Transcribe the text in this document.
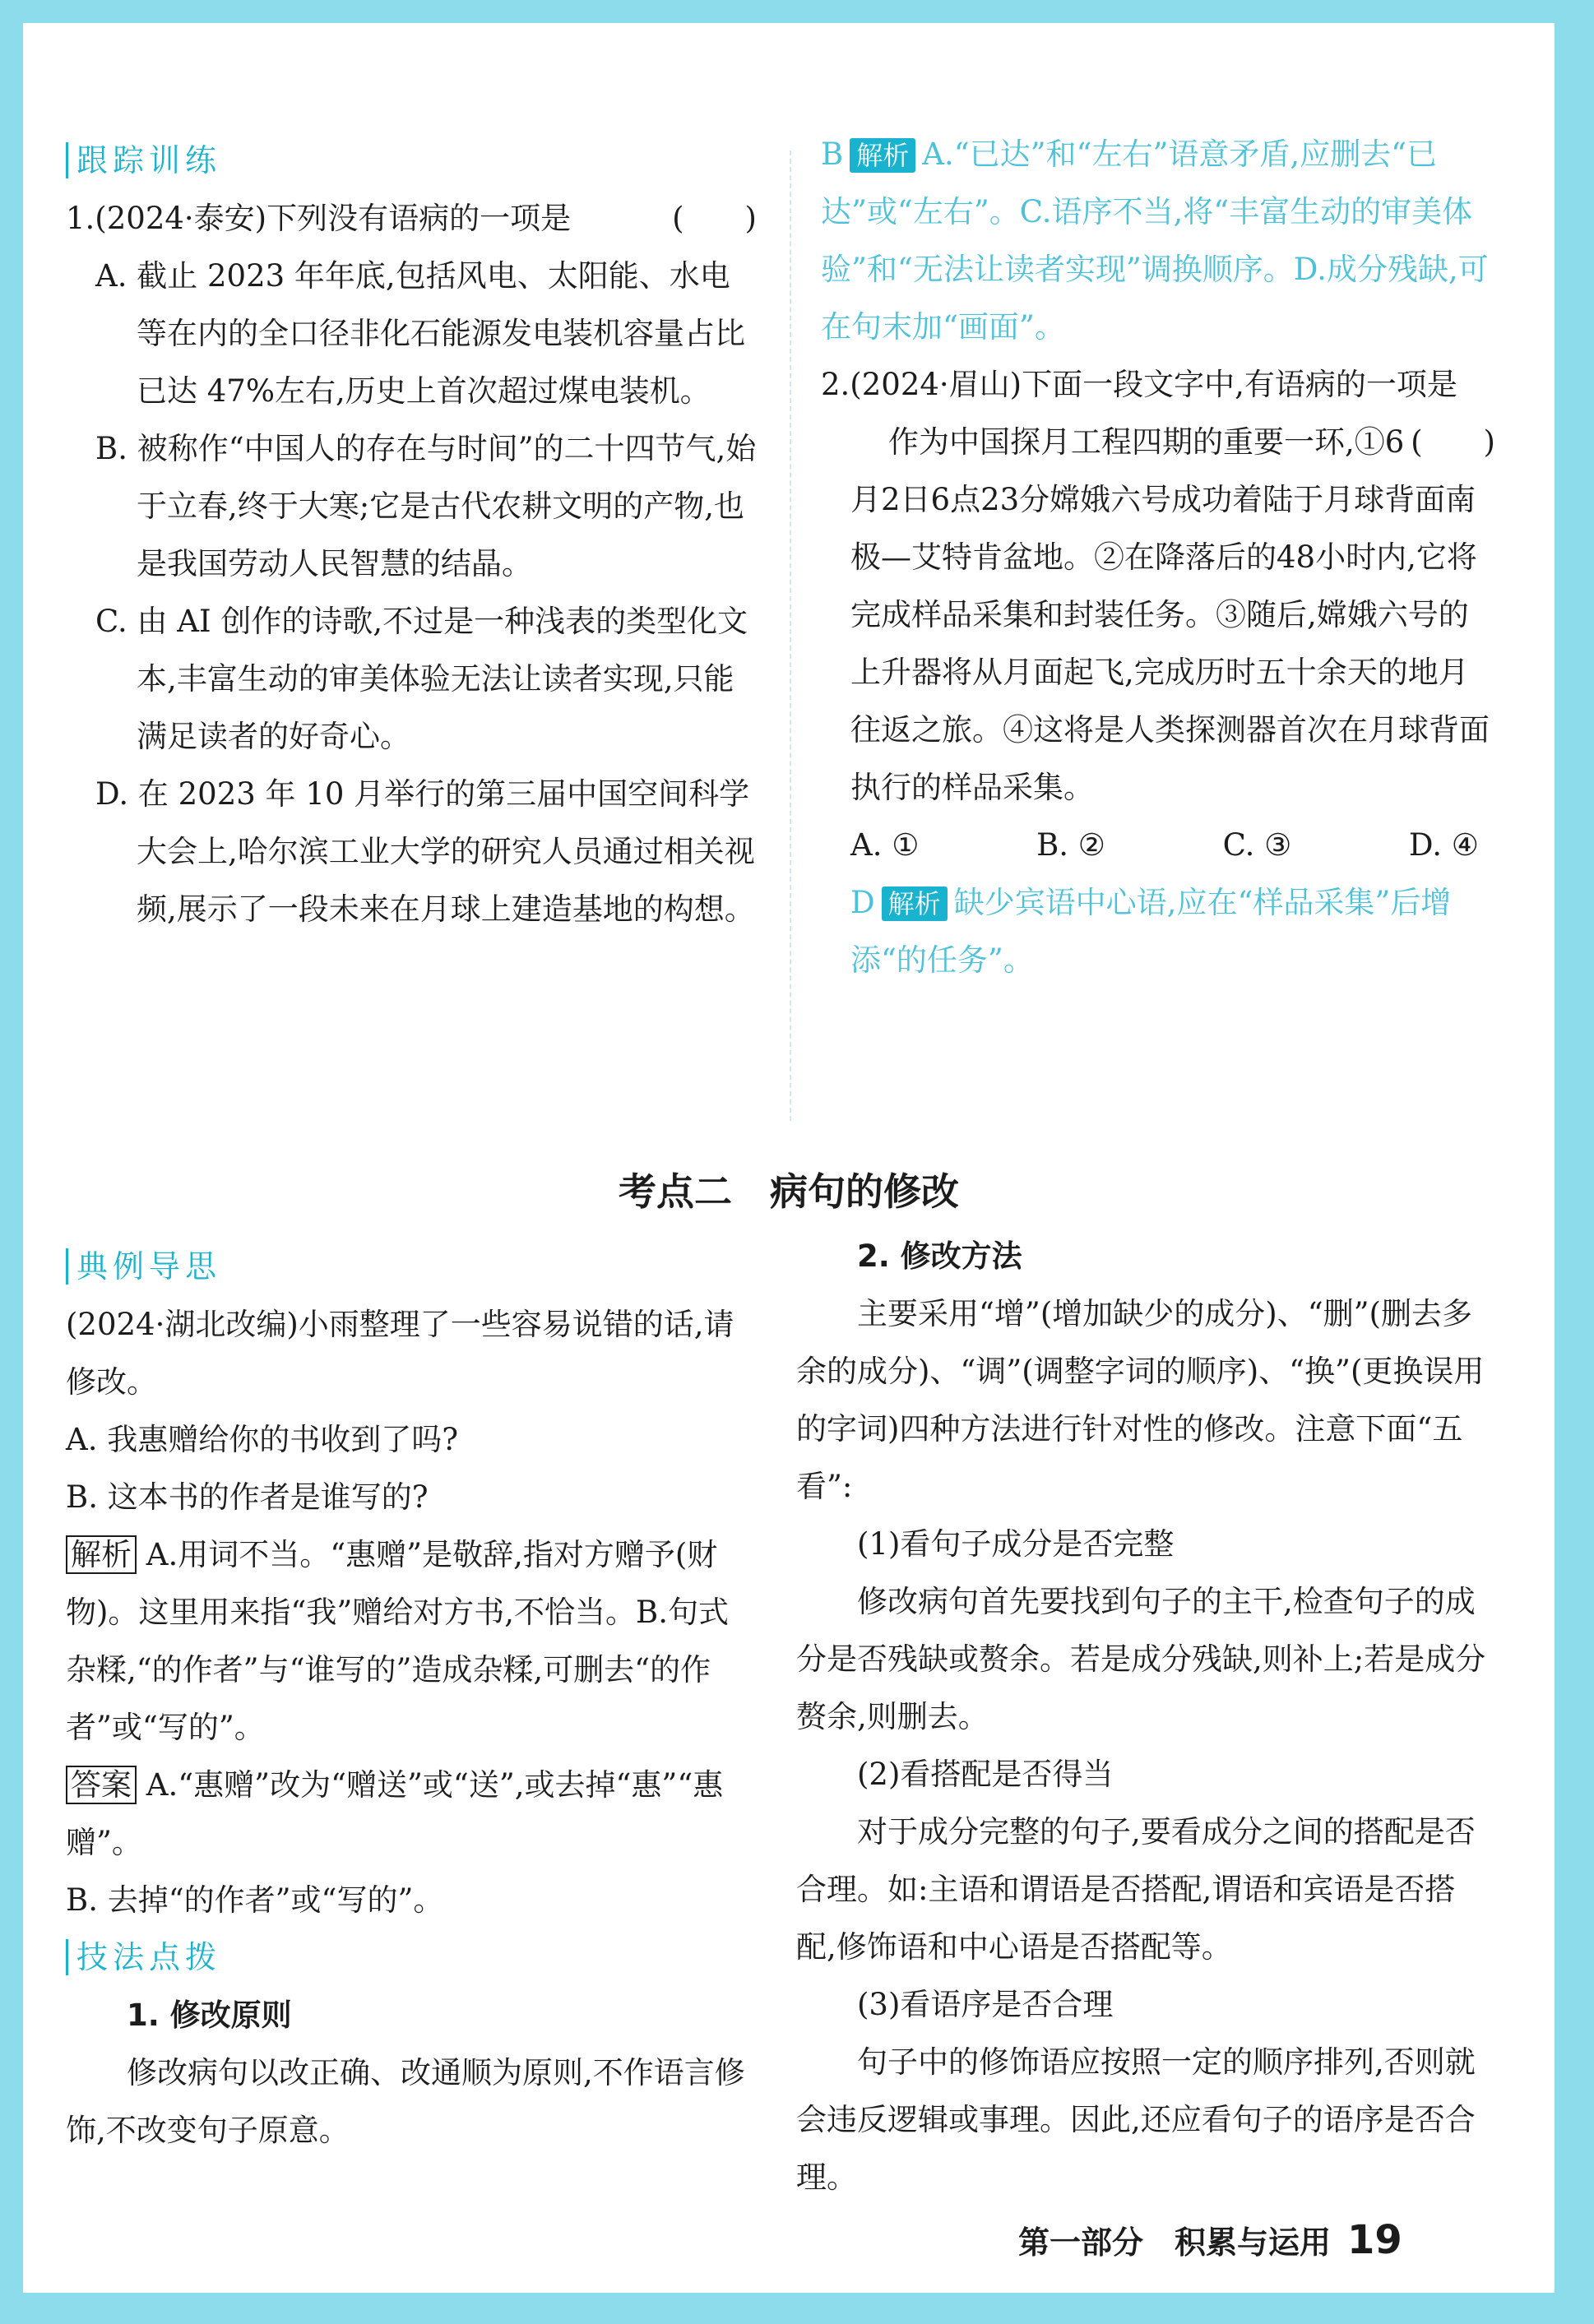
跟踪训练

1.(2024·泰安)下列没有语病的一项是	(　　)

A. 截止 2023 年年底,包括风电、太阳能、水电等在内的全口径非化石能源发电装机容量占比已达 47%左右,历史上首次超过煤电装机。

B. 被称作“中国人的存在与时间”的二十四节气,始于立春,终于大寒;它是古代农耕文明的产物,也是我国劳动人民智慧的结晶。

C. 由 AI 创作的诗歌,不过是一种浅表的类型化文本,丰富生动的审美体验无法让读者实现,只能满足读者的好奇心。

D. 在 2023 年 10 月举行的第三届中国空间科学大会上,哈尔滨工业大学的研究人员通过相关视频,展示了一段未来在月球上建造基地的构想。

B 解析 A.“已达”和“左右”语意矛盾,应删去“已达”或“左右”。C.语序不当,将“丰富生动的审美体验”和“无法让读者实现”调换顺序。D.成分残缺,可在句末加“画面”。

2.(2024·眉山)下面一段文字中,有语病的一项是
(　　)

作为中国探月工程四期的重要一环,①6月2日6点23分嫦娥六号成功着陆于月球背面南极—艾特肯盆地。②在降落后的48小时内,它将完成样品采集和封装任务。③随后,嫦娥六号的上升器将从月面起飞,完成历时五十余天的地月往返之旅。④这将是人类探测器首次在月球背面执行的样品采集。

A. ①	B. ②	C. ③	D. ④

D 解析 缺少宾语中心语,应在“样品采集”后增添“的任务”。

考点二　病句的修改
典例导思

(2024·湖北改编)小雨整理了一些容易说错的话,请修改。

A. 我惠赠给你的书收到了吗?

B. 这本书的作者是谁写的?

解析 A.用词不当。“惠赠”是敬辞,指对方赠予(财物)。这里用来指“我”赠给对方书,不恰当。B.句式杂糅,“的作者”与“谁写的”造成杂糅,可删去“的作者”或“写的”。

答案 A.“惠赠”改为“赠送”或“送”,或去掉“惠”“惠赠”。

B. 去掉“的作者”或“写的”。

技法点拨

1. 修改原则

修改病句以改正确、改通顺为原则,不作语言修饰,不改变句子原意。

2. 修改方法

主要采用“增”(增加缺少的成分)、“删”(删去多余的成分)、“调”(调整字词的顺序)、“换”(更换误用的字词)四种方法进行针对性的修改。注意下面“五看”:

(1)看句子成分是否完整

修改病句首先要找到句子的主干,检查句子的成分是否残缺或赘余。若是成分残缺,则补上;若是成分赘余,则删去。

(2)看搭配是否得当

对于成分完整的句子,要看成分之间的搭配是否合理。如:主语和谓语是否搭配,谓语和宾语是否搭配,修饰语和中心语是否搭配等。

(3)看语序是否合理

句子中的修饰语应按照一定的顺序排列,否则就会违反逻辑或事理。因此,还应看句子的语序是否合理。

第一部分　积累与运用 19
